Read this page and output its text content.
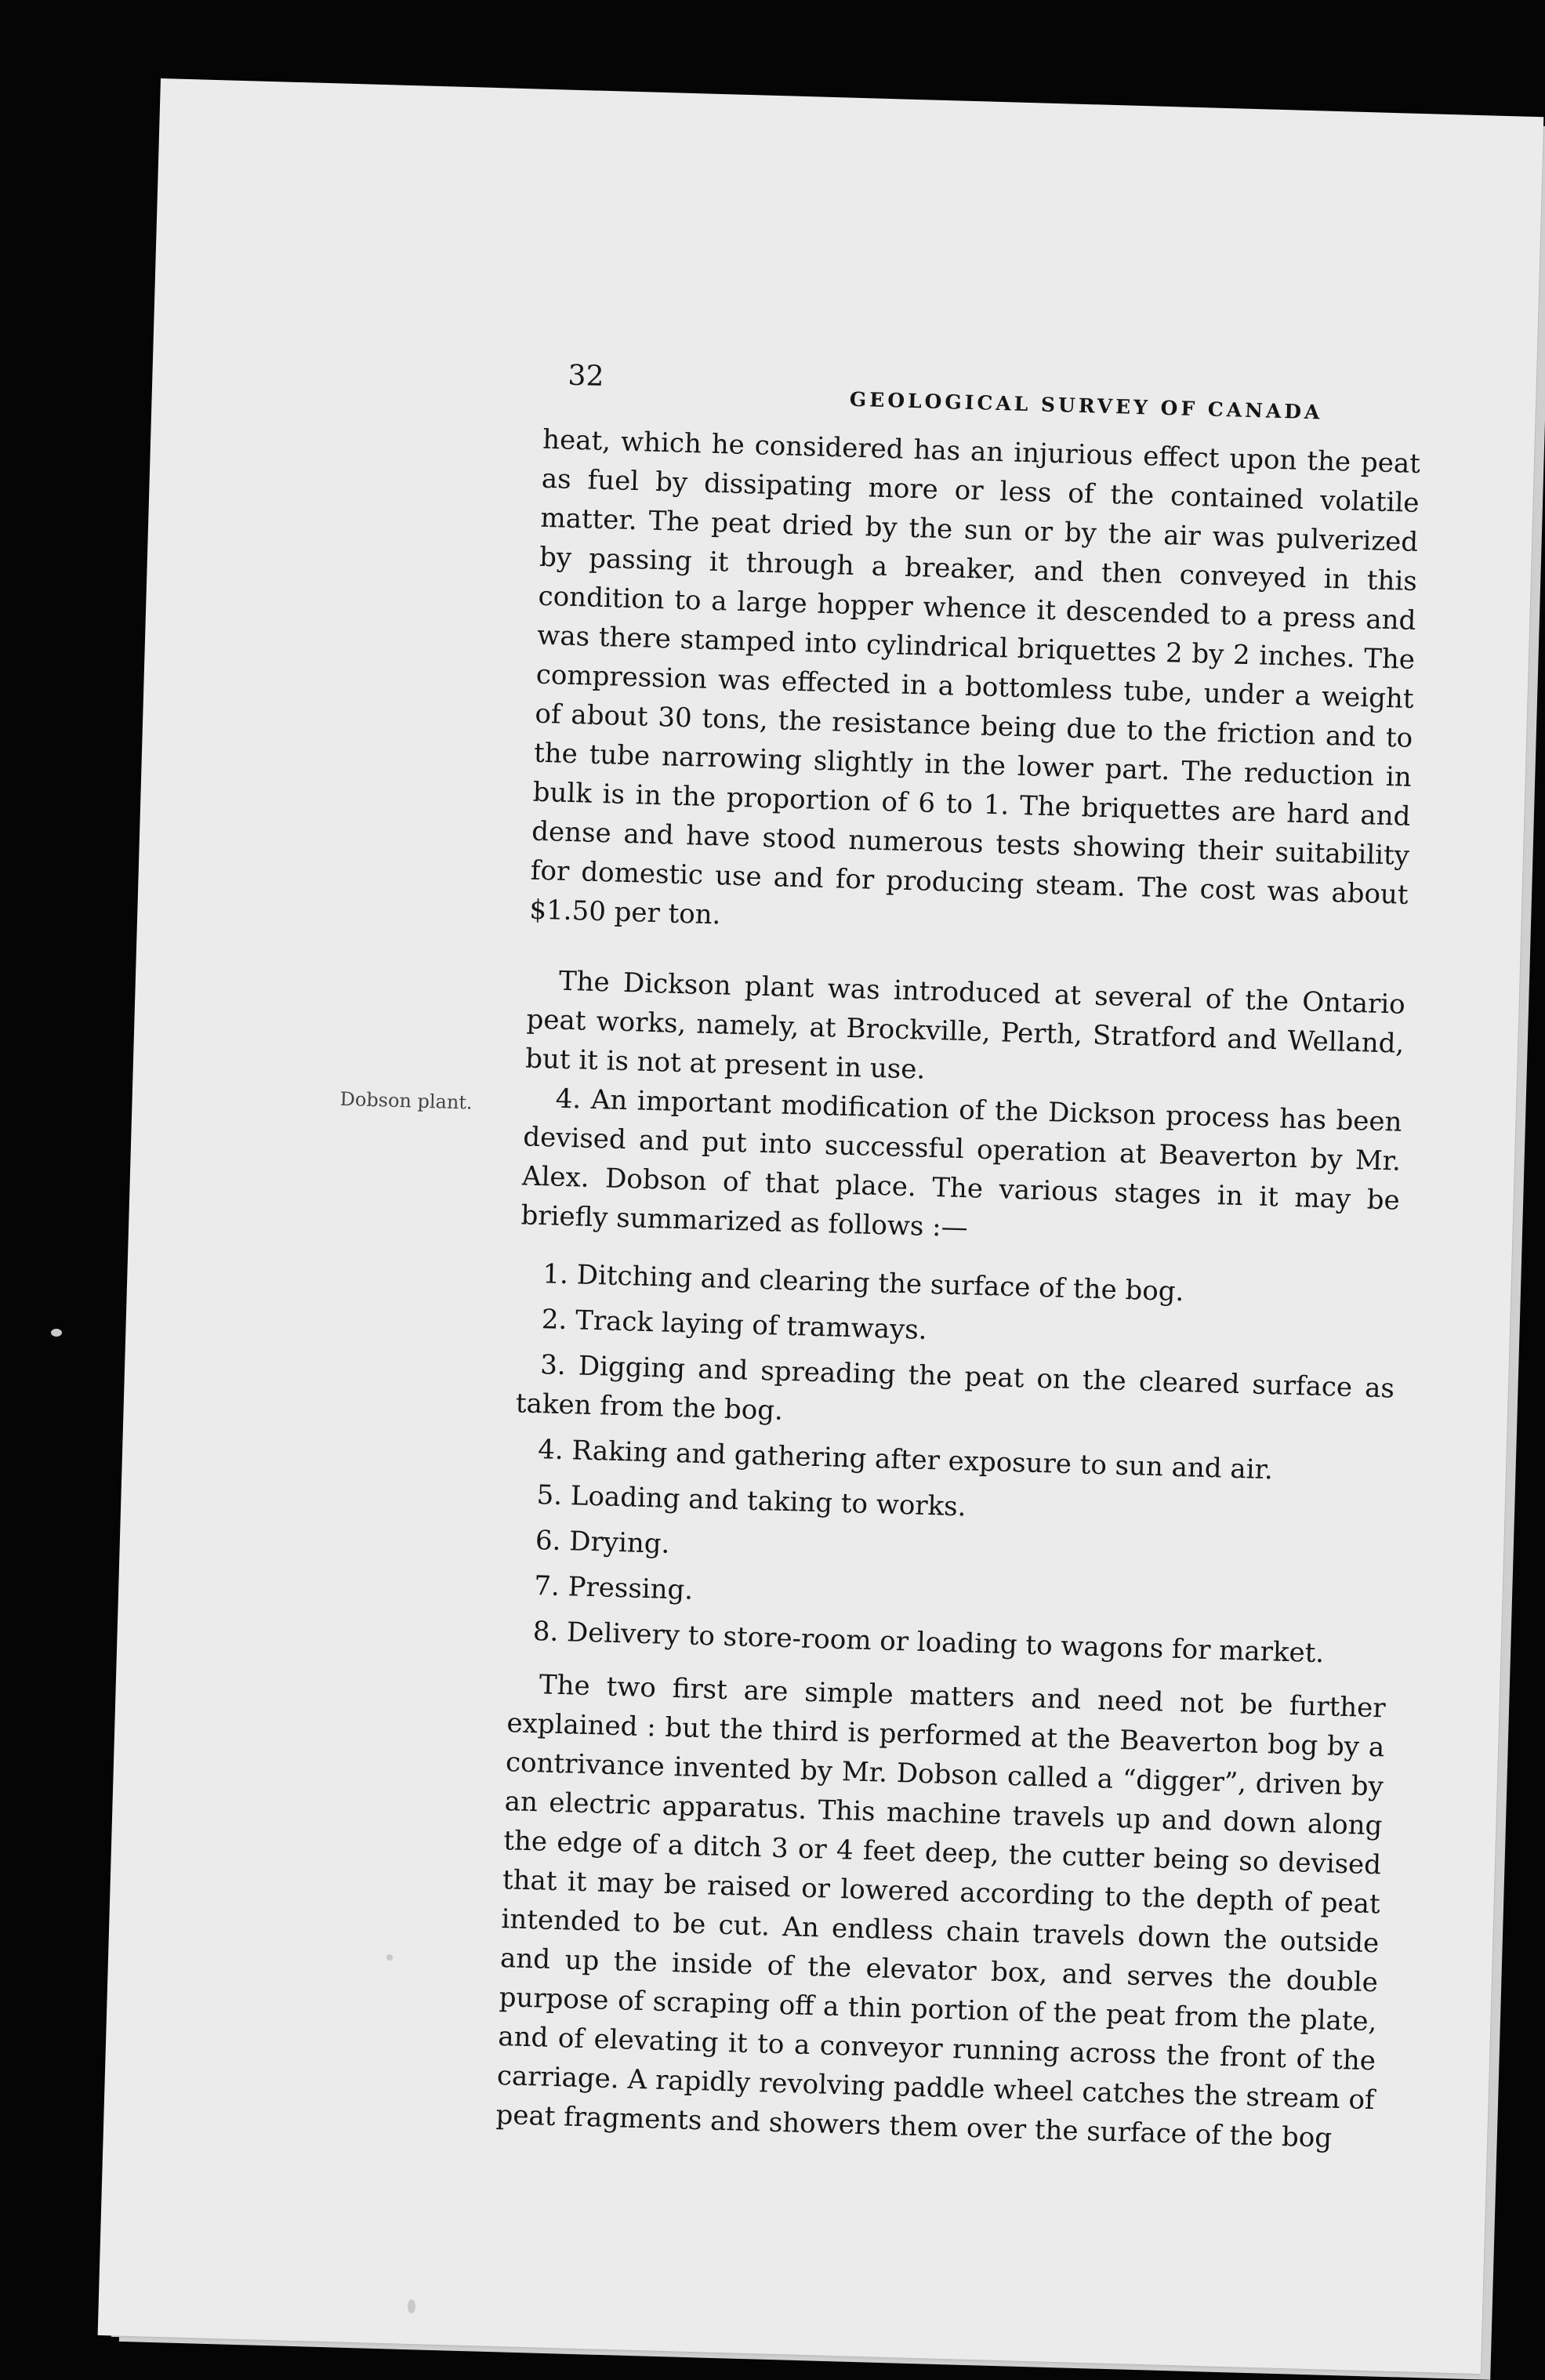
32
GEOLOGICAL SURVEY OF CANADA

heat, which he considered has an injurious effect upon the peat as fuel by dissipating more or less of the contained volatile matter. The peat dried by the sun or by the air was pulverized by passing it through a breaker, and then conveyed in this condition to a large hopper whence it descended to a press and was there stamped into cylindrical briquettes 2 by 2 inches. The compression was effected in a bottomless tube, under a weight of about 30 tons, the resistance being due to the friction and to the tube narrowing slightly in the lower part. The reduction in bulk is in the proportion of 6 to 1. The briquettes are hard and dense and have stood numerous tests showing their suitability for domestic use and for producing steam. The cost was about $1.50 per ton.

The Dickson plant was introduced at several of the Ontario peat works, namely, at Brockville, Perth, Stratford and Welland, but it is not at present in use.

Dobson plant.	4. An important modification of the Dickson process has been devised and put into successful operation at Beaverton by Mr. Alex. Dobson of that place. The various stages in it may be briefly summarized as follows :—

1. Ditching and clearing the surface of the bog.
2. Track laying of tramways.
3. Digging and spreading the peat on the cleared surface as taken from the bog.
4. Raking and gathering after exposure to sun and air.
5. Loading and taking to works.
6. Drying.
7. Pressing.
8. Delivery to store-room or loading to wagons for market.

The two first are simple matters and need not be further explained : but the third is performed at the Beaverton bog by a contrivance invented by Mr. Dobson called a “digger”, driven by an electric apparatus. This machine travels up and down along the edge of a ditch 3 or 4 feet deep, the cutter being so devised that it may be raised or lowered according to the depth of peat intended to be cut. An endless chain travels down the outside and up the inside of the elevator box, and serves the double purpose of scraping off a thin portion of the peat from the plate, and of elevating it to a conveyor running across the front of the carriage. A rapidly revolving paddle wheel catches the stream of peat fragments and showers them over the surface of the bog
